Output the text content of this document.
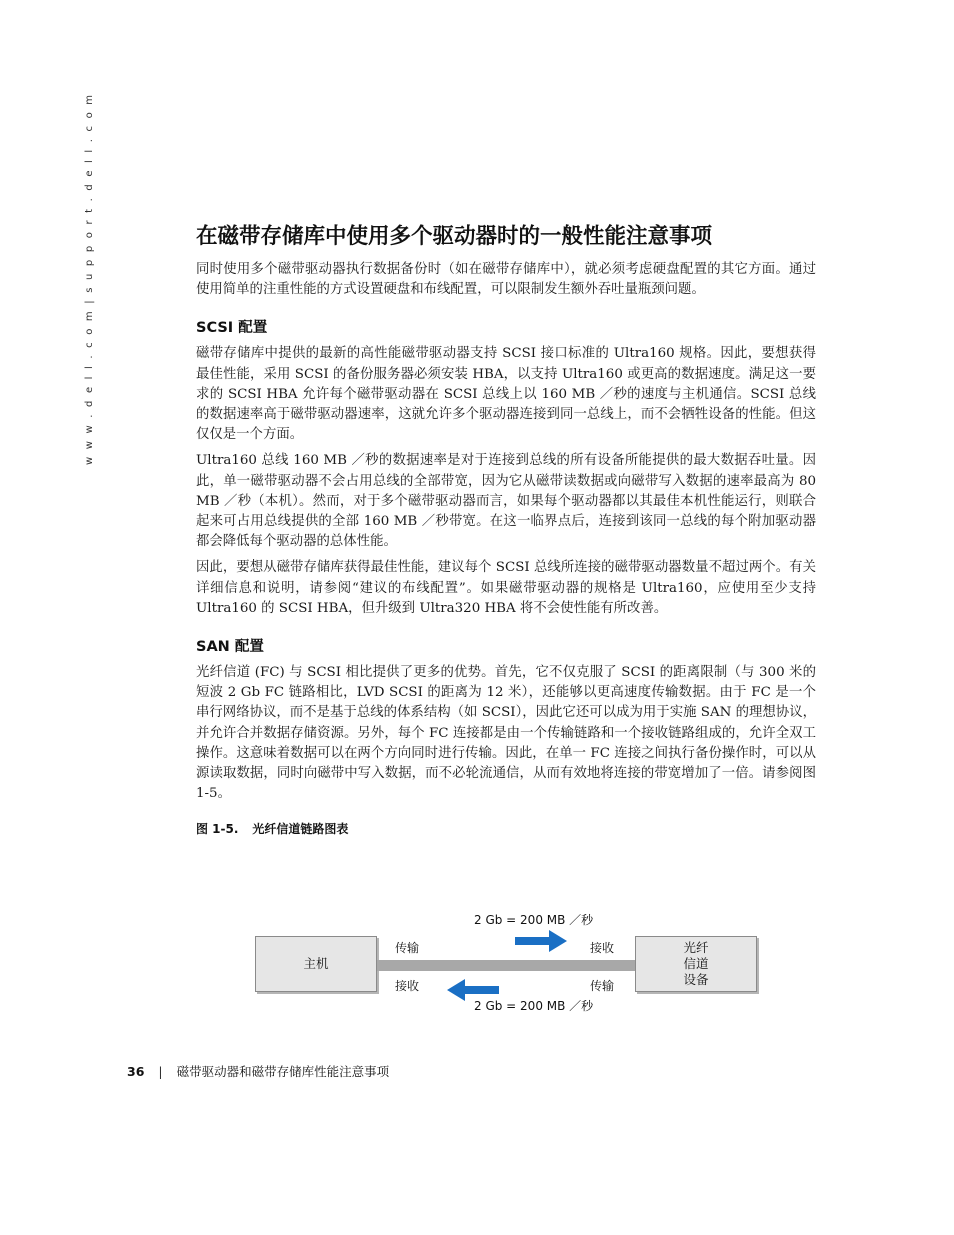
w w w . d e l l . c o m | s u p p o r t . d e l l . c o m	在磁带存储库中使用多个驱动器时的一般性能注意事项

同时使用多个磁带驱动器执行数据备份时（如在磁带存储库中），就必须考虑硬盘配置的其它方面。通过使用简单的注重性能的方式设置硬盘和布线配置，可以限制发生额外吞吐量瓶颈问题。

SCSI 配置

磁带存储库中提供的最新的高性能磁带驱动器支持 SCSI 接口标准的 Ultra160 规格。因此，要想获得最佳性能，采用 SCSI 的备份服务器必须安装 HBA，以支持 Ultra160 或更高的数据速度。满足这一要求的 SCSI HBA 允许每个磁带驱动器在 SCSI 总线上以 160 MB ／秒的速度与主机通信。SCSI 总线的数据速率高于磁带驱动器速率，这就允许多个驱动器连接到同一总线上，而不会牺牲设备的性能。但这仅仅是一个方面。

Ultra160 总线 160 MB ／秒的数据速率是对于连接到总线的所有设备所能提供的最大数据吞吐量。因此，单一磁带驱动器不会占用总线的全部带宽，因为它从磁带读数据或向磁带写入数据的速率最高为 80 MB ／秒（本机）。然而，对于多个磁带驱动器而言，如果每个驱动器都以其最佳本机性能运行，则联合起来可占用总线提供的全部 160 MB ／秒带宽。在这一临界点后，连接到该同一总线的每个附加驱动器都会降低每个驱动器的总体性能。

因此，要想从磁带存储库获得最佳性能，建议每个 SCSI 总线所连接的磁带驱动器数量不超过两个。有关详细信息和说明，请参阅“建议的布线配置”。如果磁带驱动器的规格是 Ultra160，应使用至少支持 Ultra160 的 SCSI HBA，但升级到 Ultra320 HBA 将不会使性能有所改善。

SAN 配置

光纤信道 (FC) 与 SCSI 相比提供了更多的优势。首先，它不仅克服了 SCSI 的距离限制（与 300 米的短波 2 Gb FC 链路相比，LVD SCSI 的距离为 12 米），还能够以更高速度传输数据。由于 FC 是一个串行网络协议，而不是基于总线的体系结构（如 SCSI），因此它还可以成为用于实施 SAN 的理想协议，并允许合并数据存储资源。另外，每个 FC 连接都是由一个传输链路和一个接收链路组成的，允许全双工操作。这意味着数据可以在两个方向同时进行传输。因此，在单一 FC 连接之间执行备份操作时，可以从源读取数据，同时向磁带中写入数据，而不必轮流通信，从而有效地将连接的带宽增加了一倍。请参阅图 1-5。

图 1-5. 光纤信道链路图表
主机
光纤
信道
设备
2 Gb = 200 MB ／秒
2 Gb = 200 MB ／秒
传输	接收
接收	传输
36 | 磁带驱动器和磁带存储库性能注意事项
